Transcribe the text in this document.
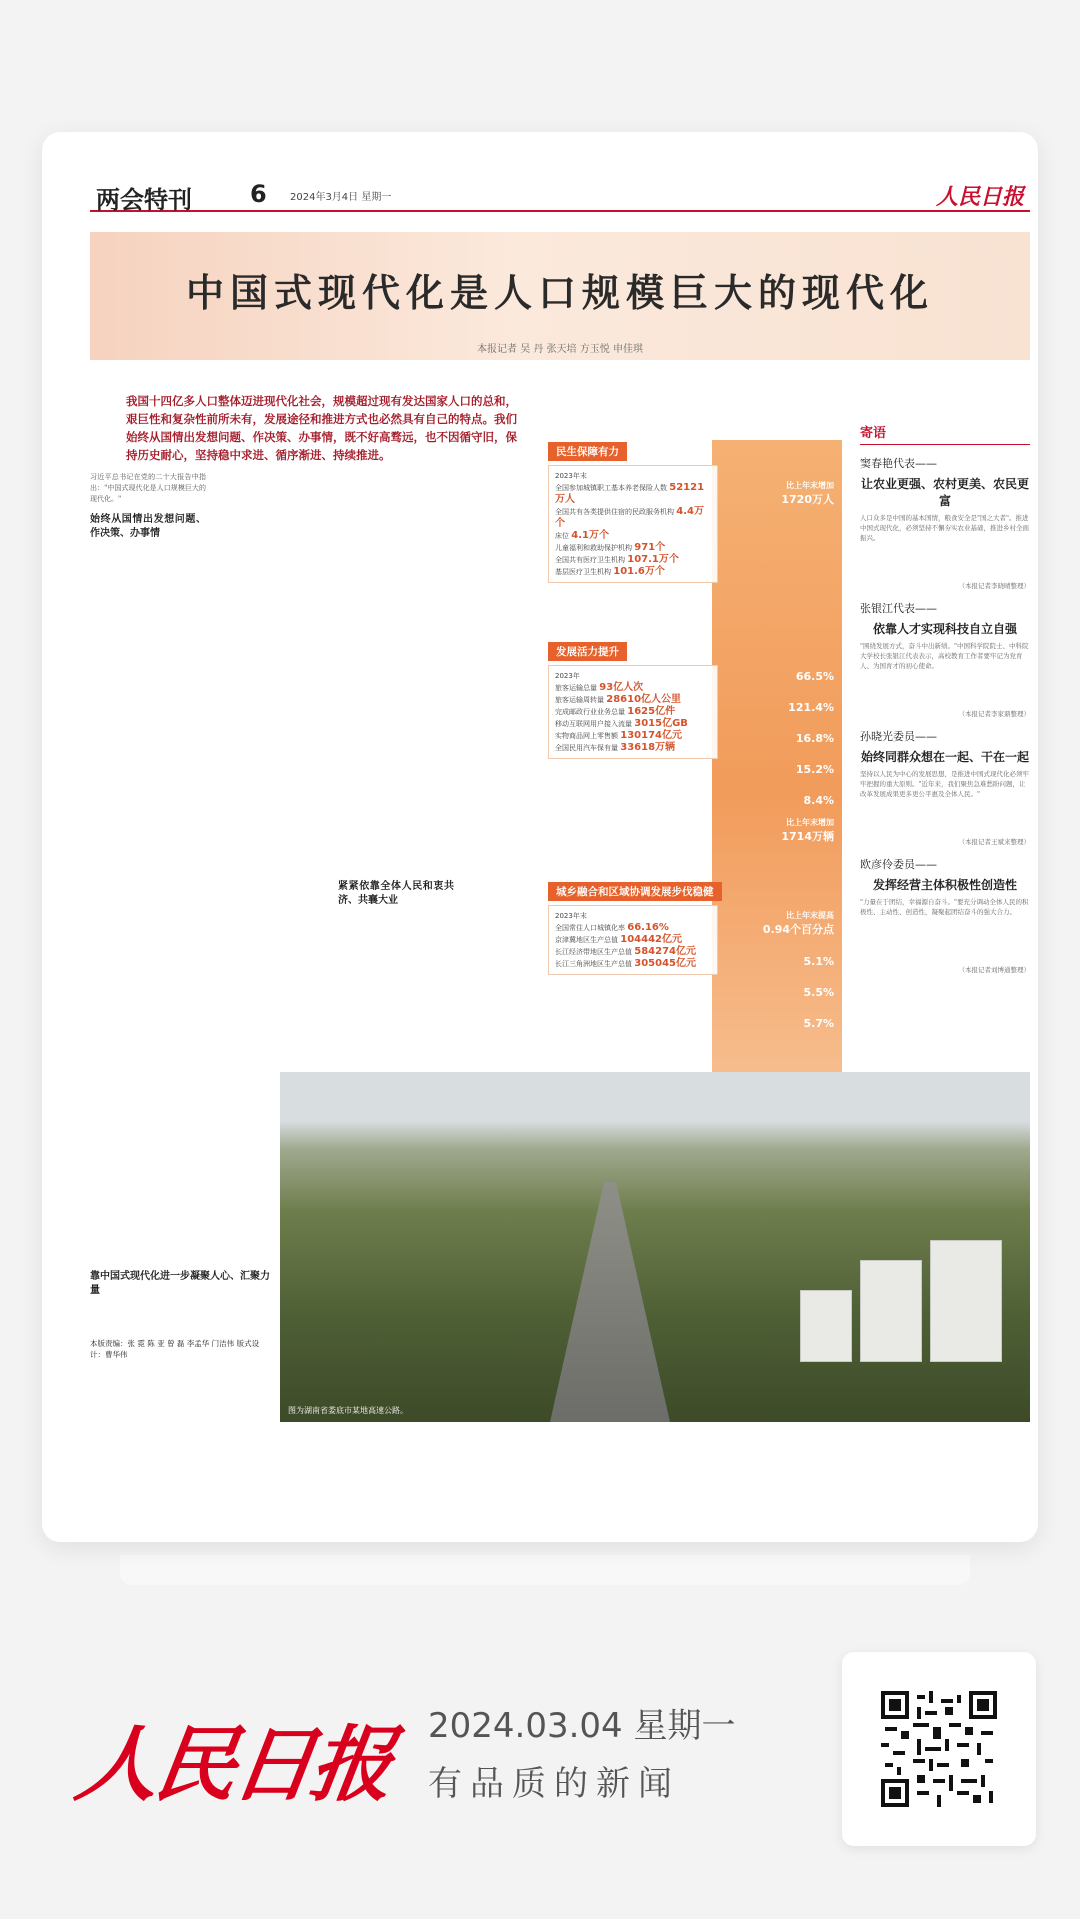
两会特刊 6 2024年3月4日 星期一	人民日报
中国式现代化是人口规模巨大的现代化
本报记者 吴 丹 张天培 方玉悦 申佳琪
我国十四亿多人口整体迈进现代化社会，规模超过现有发达国家人口的总和，艰巨性和复杂性前所未有，发展途径和推进方式也必然具有自己的特点。我们始终从国情出发想问题、作决策、办事情，既不好高骛远，也不因循守旧，保持历史耐心，坚持稳中求进、循序渐进、持续推进。

习近平总书记在党的二十大报告中指出："中国式现代化是人口规模巨大的现代化。"

始终从国情出发想问题、作决策、办事情
紧紧依靠全体人民和衷共济、共襄大业
民生保障有力
2023年末
全国参加城镇职工基本养老保险人数 52121万人
全国共有各类提供住宿的民政服务机构 4.4万个
床位 4.1万个
儿童福利和救助保护机构 971个
全国共有医疗卫生机构 107.1万个
基层医疗卫生机构 101.6万个
比上年末增加
1720万人
发展活力提升
2023年
旅客运输总量 93亿人次
旅客运输周转量 28610亿人公里
完成邮政行业业务总量 1625亿件
移动互联网用户接入流量 3015亿GB
实物商品网上零售额 130174亿元
全国民用汽车保有量 33618万辆
66.5%
121.4%
16.8%
15.2%
8.4%
比上年末增加
1714万辆
城乡融合和区域协调发展步伐稳健
2023年末
全国常住人口城镇化率 66.16%
京津冀地区生产总值 104442亿元
长江经济带地区生产总值 584274亿元
长江三角洲地区生产总值 305045亿元
比上年末提高
0.94个百分点
5.1%
5.5%
5.7%
寄语
窦春艳代表——
让农业更强、农村更美、农民更富
人口众多是中国的基本国情，粮食安全是"国之大者"。推进中国式现代化，必须坚持不懈夯实农业基础，推进乡村全面振兴。
（本报记者李晓晴整理）
张银江代表——
依靠人才实现科技自立自强
"围绕发展方式，奋斗中出新绩。"中国科学院院士、中科院大学校长张银江代表表示，高校教育工作者要牢记为党育人、为国育才的初心使命。
（本报记者李家鼎整理）
孙晓光委员——
始终同群众想在一起、干在一起
坚持以人民为中心的发展思想，是推进中国式现代化必须牢牢把握的重大原则。"近年来，我们聚焦急难愁盼问题，让改革发展成果更多更公平惠及全体人民。"
（本报记者王斌来整理）
欧彦伶委员——
发挥经营主体积极性创造性
"力量在于团结，幸福源自奋斗。"要充分调动全体人民的积极性、主动性、创造性，凝聚起团结奋斗的强大合力。
（本报记者刘博通整理）
图为湖南省娄底市某地高速公路。
靠中国式现代化进一步凝聚人心、汇聚力量
本版责编：张 霓 陈 亚 曾 磊 李孟华 门洁伟 版式设计：曹华伟
人民日报 2024.03.04 星期一
有品质的新闻
